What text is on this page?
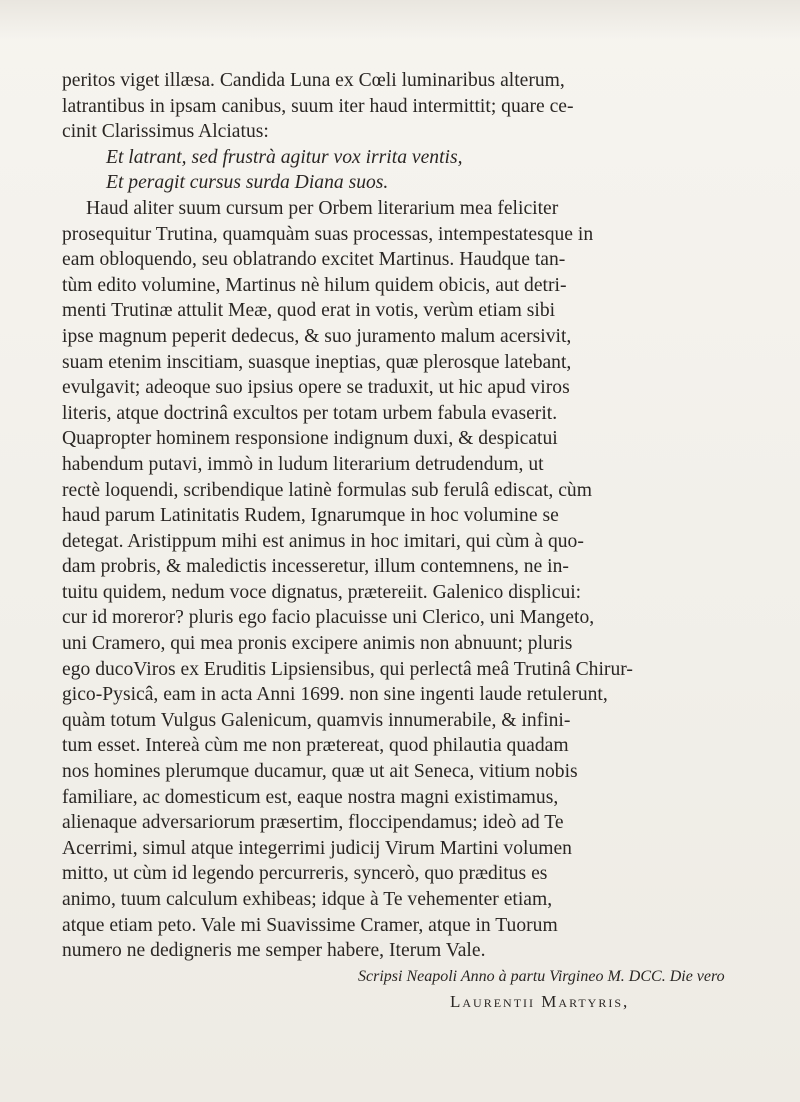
peritos viget illæsa. Candida Luna ex Cœli luminaribus alterum,
latrantibus in ipsam canibus, suum iter haud intermittit; quare ce-
cinit Clarissimus Alciatus:
Et latrant, sed frustrà agitur vox irrita ventis,
Et peragit cursus surda Diana suos.
Haud aliter suum cursum per Orbem literarium mea feliciter
prosequitur Trutina, quamquàm suas processas, intempestatesque in
eam obloquendo, seu oblatrando excitet Martinus. Haudque tan-
tùm edito volumine, Martinus nè hilum quidem obicis, aut detri-
menti Trutinæ attulit Meæ, quod erat in votis, verùm etiam sibi
ipse magnum peperit dedecus, & suo juramento malum acersivit,
suam etenim inscitiam, suasque ineptias, quæ plerosque latebant,
evulgavit; adeoque suo ipsius opere se traduxit, ut hic apud viros
literis, atque doctrinâ excultos per totam urbem fabula evaserit.
Quapropter hominem responsione indignum duxi, & despicatui
habendum putavi, immò in ludum literarium detrudendum, ut
rectè loquendi, scribendique latinè formulas sub ferulâ ediscat, cùm
haud parum Latinitatis Rudem, Ignarumque in hoc volumine se
detegat. Aristippum mihi est animus in hoc imitari, qui cùm à quo-
dam probris, & maledictis incesseretur, illum contemnens, ne in-
tuitu quidem, nedum voce dignatus, prætereiit. Galenico displicui:
cur id moreror? pluris ego facio placuisse uni Clerico, uni Mangeto,
uni Cramero, qui mea pronis excipere animis non abnuunt; pluris
ego ducoViros ex Eruditis Lipsiensibus, qui perlectâ meâ Trutinâ Chirur-
gico-Pysicâ, eam in acta Anni 1699. non sine ingenti laude retulerunt,
quàm totum Vulgus Galenicum, quamvis innumerabile, & infini-
tum esset. Intereà cùm me non prætereat, quod philautia quadam
nos homines plerumque ducamur, quæ ut ait Seneca, vitium nobis
familiare, ac domesticum est, eaque nostra magni existimamus,
alienaque adversariorum præsertim, floccipendamus; ideò ad Te
Acerrimi, simul atque integerrimi judicij Virum Martini volumen
mitto, ut cùm id legendo percurreris, syncerò, quo præditus es
animo, tuum calculum exhibeas; idque à Te vehementer etiam,
atque etiam peto. Vale mi Suavissime Cramer, atque in Tuorum
numero ne dedigneris me semper habere, Iterum Vale.
Scripsi Neapoli Anno à partu Virgineo M. DCC. Die vero
Laurentii Martyris,
